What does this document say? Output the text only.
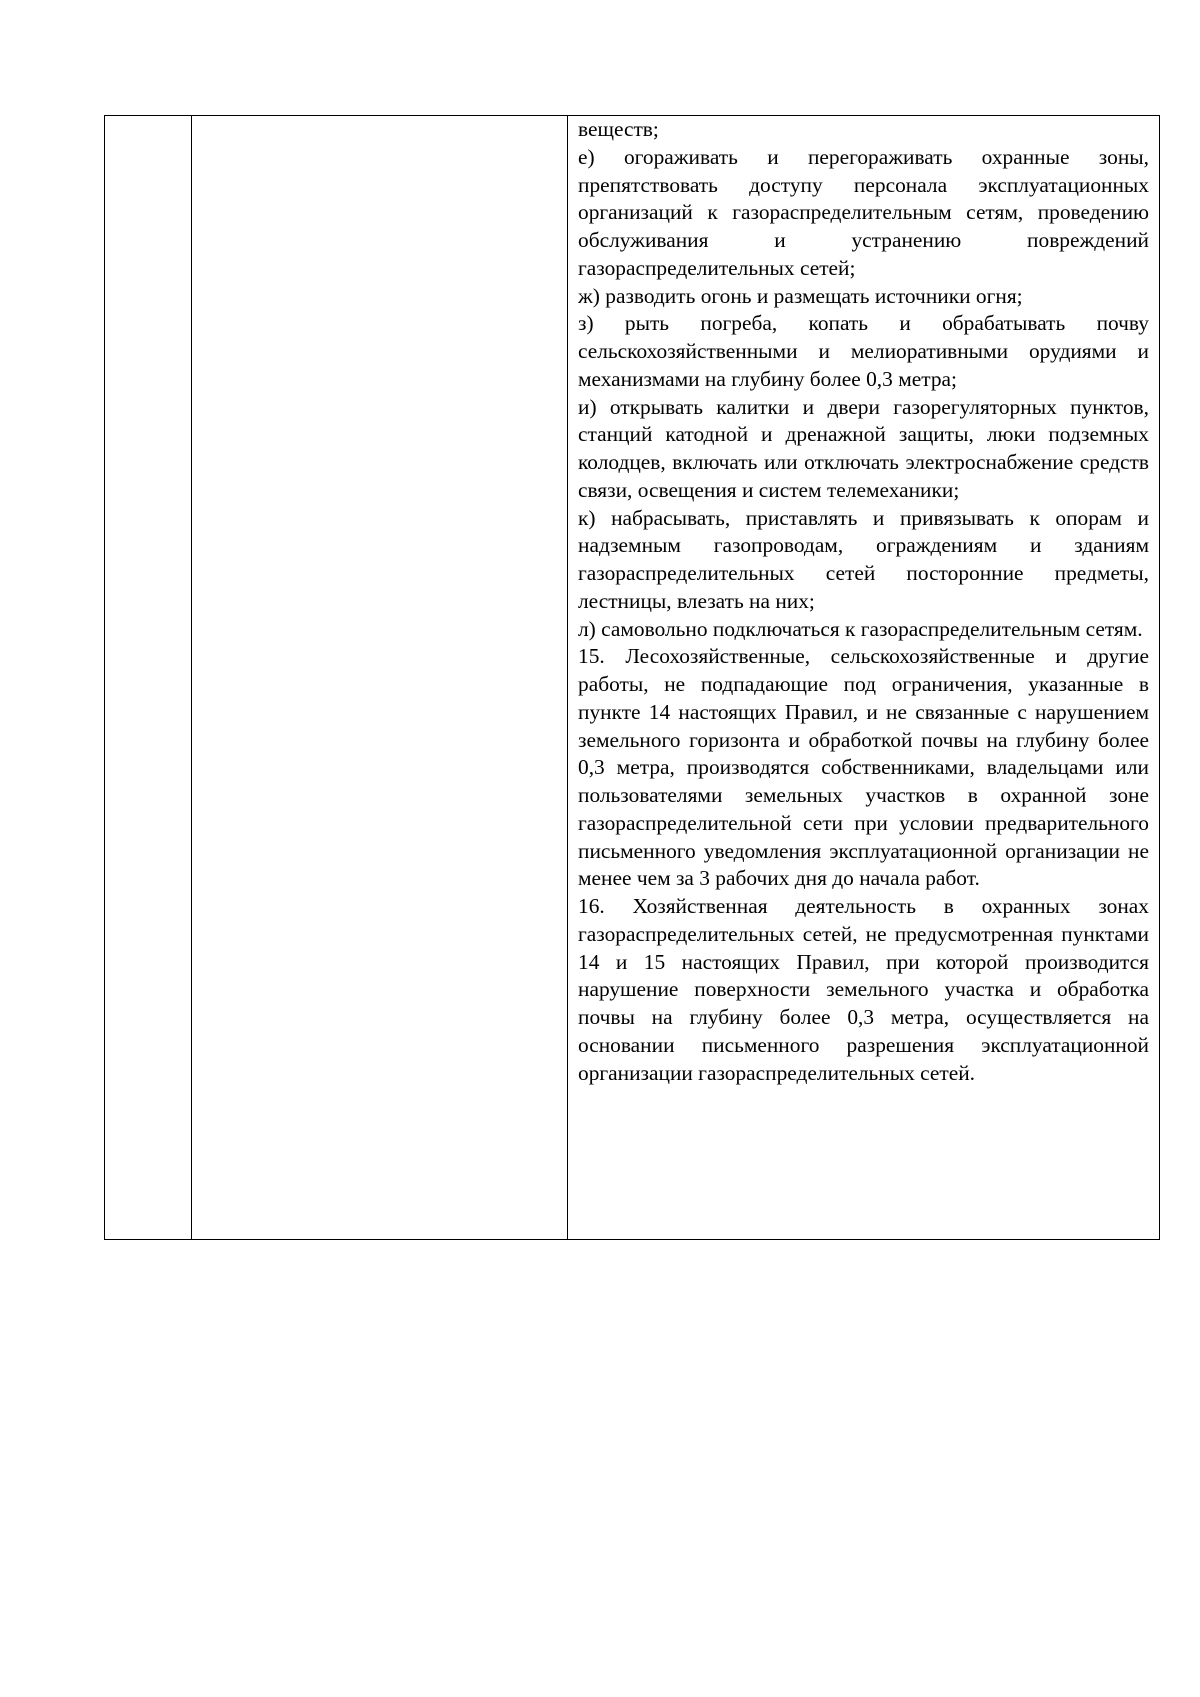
веществ;

е) огораживать и перегораживать охранные зоны, препятствовать доступу персонала эксплуатационных организаций к газораспределительным сетям, проведению обслуживания и устранению повреждений газораспределительных сетей;

ж) разводить огонь и размещать источники огня;

з) рыть погреба, копать и обрабатывать почву сельскохозяйственными и мелиоративными орудиями и механизмами на глубину более 0,3 метра;

и) открывать калитки и двери газорегуляторных пунктов, станций катодной и дренажной защиты, люки подземных колодцев, включать или отключать электроснабжение средств связи, освещения и систем телемеханики;

к) набрасывать, приставлять и привязывать к опорам и надземным газопроводам, ограждениям и зданиям газораспределительных сетей посторонние предметы, лестницы, влезать на них;

л) самовольно подключаться к газораспределительным сетям.

15. Лесохозяйственные, сельскохозяйственные и другие работы, не подпадающие под ограничения, указанные в пункте 14 настоящих Правил, и не связанные с нарушением земельного горизонта и обработкой почвы на глубину более 0,3 метра, производятся собственниками, владельцами или пользователями земельных участков в охранной зоне газораспределительной сети при условии предварительного письменного уведомления эксплуатационной организации не менее чем за 3 рабочих дня до начала работ.

16. Хозяйственная деятельность в охранных зонах газораспределительных сетей, не предусмотренная пунктами 14 и 15 настоящих Правил, при которой производится нарушение поверхности земельного участка и обработка почвы на глубину более 0,3 метра, осуществляется на основании письменного разрешения эксплуатационной организации газораспределительных сетей.
